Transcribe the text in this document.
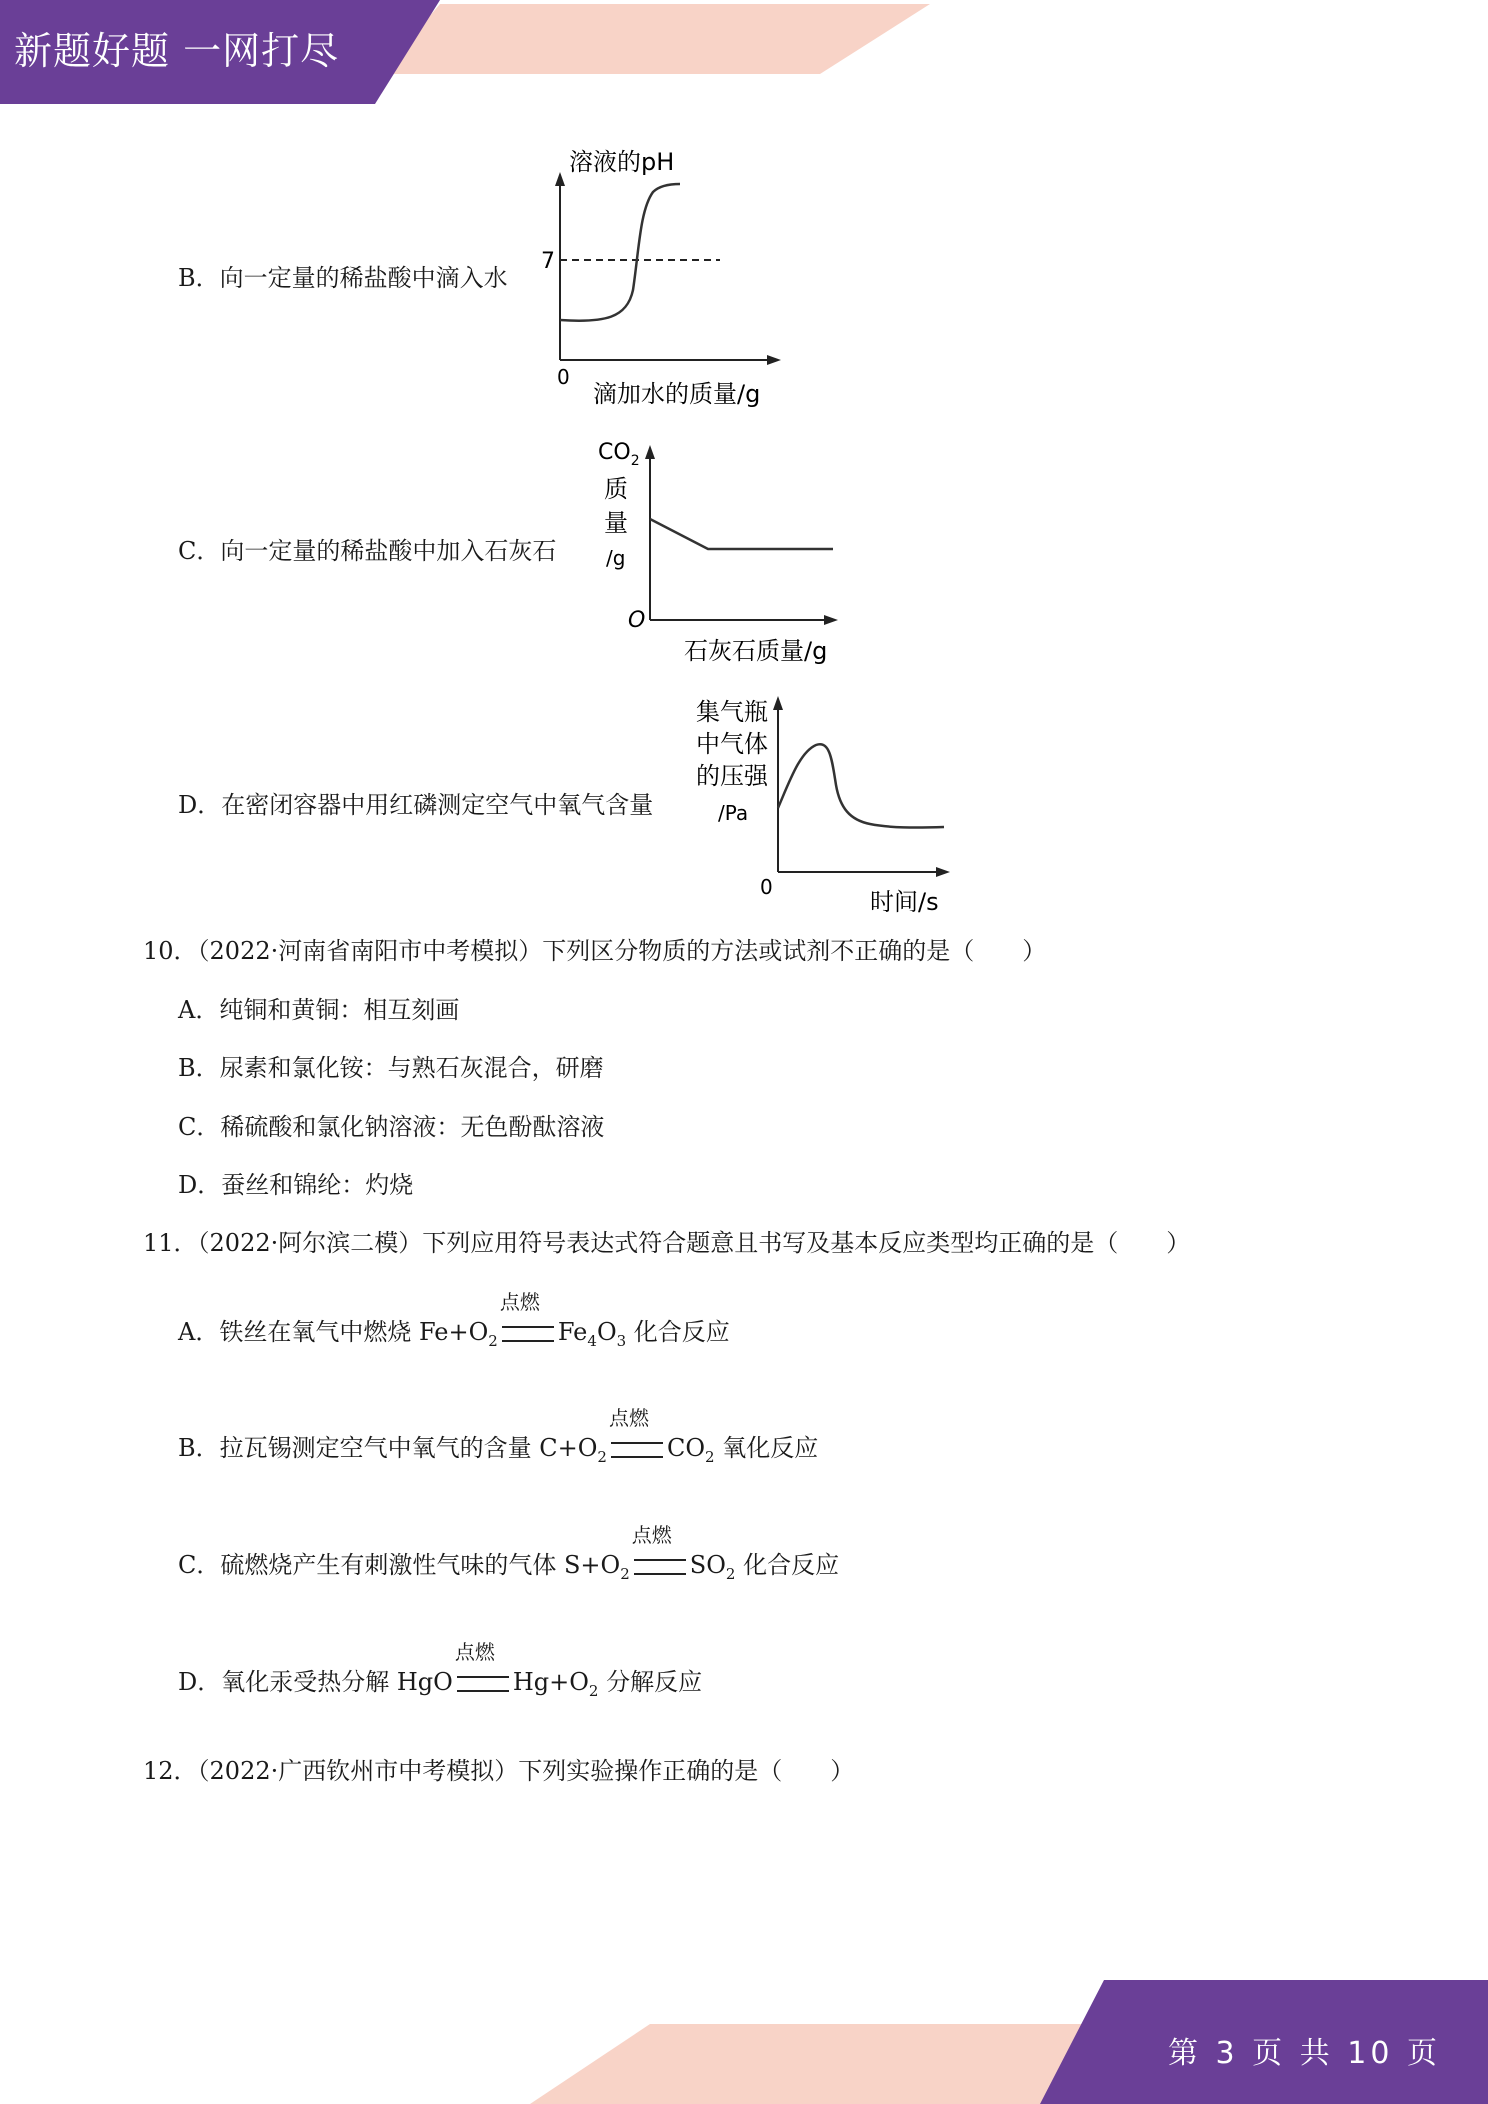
新题好题 一网打尽
B．向一定量的稀盐酸中滴入水
溶液的pH
7
0
滴加水的质量/g
C．向一定量的稀盐酸中加入石灰石
$CO_2$
质
量
/g
O
石灰石质量/g
D．在密闭容器中用红磷测定空气中氧气含量
集气瓶
中气体
的压强
/Pa
0
时间/s
10．（2022·河南省南阳市中考模拟）下列区分物质的方法或试剂不正确的是（　　）
A．纯铜和黄铜：相互刻画
B．尿素和氯化铵：与熟石灰混合，研磨
C．稀硫酸和氯化钠溶液：无色酚酞溶液
D．蚕丝和锦纶：灼烧
11．（2022·阿尔滨二模）下列应用符号表达式符合题意且书写及基本反应类型均正确的是（　　）
A．铁丝在氧气中燃烧 $Fe+O_2$
点燃
$Fe_4O_3$ 化合反应
B．拉瓦锡测定空气中氧气的含量 $C+O_2$
点燃
$CO_2$ 氧化反应
C．硫燃烧产生有刺激性气味的气体 $S+O_2$
点燃
$SO_2$ 化合反应
D．氧化汞受热分解 HgO
点燃
$Hg+O_2$ 分解反应
12．（2022·广西钦州市中考模拟）下列实验操作正确的是（　　）
第 3 页 共 10 页
